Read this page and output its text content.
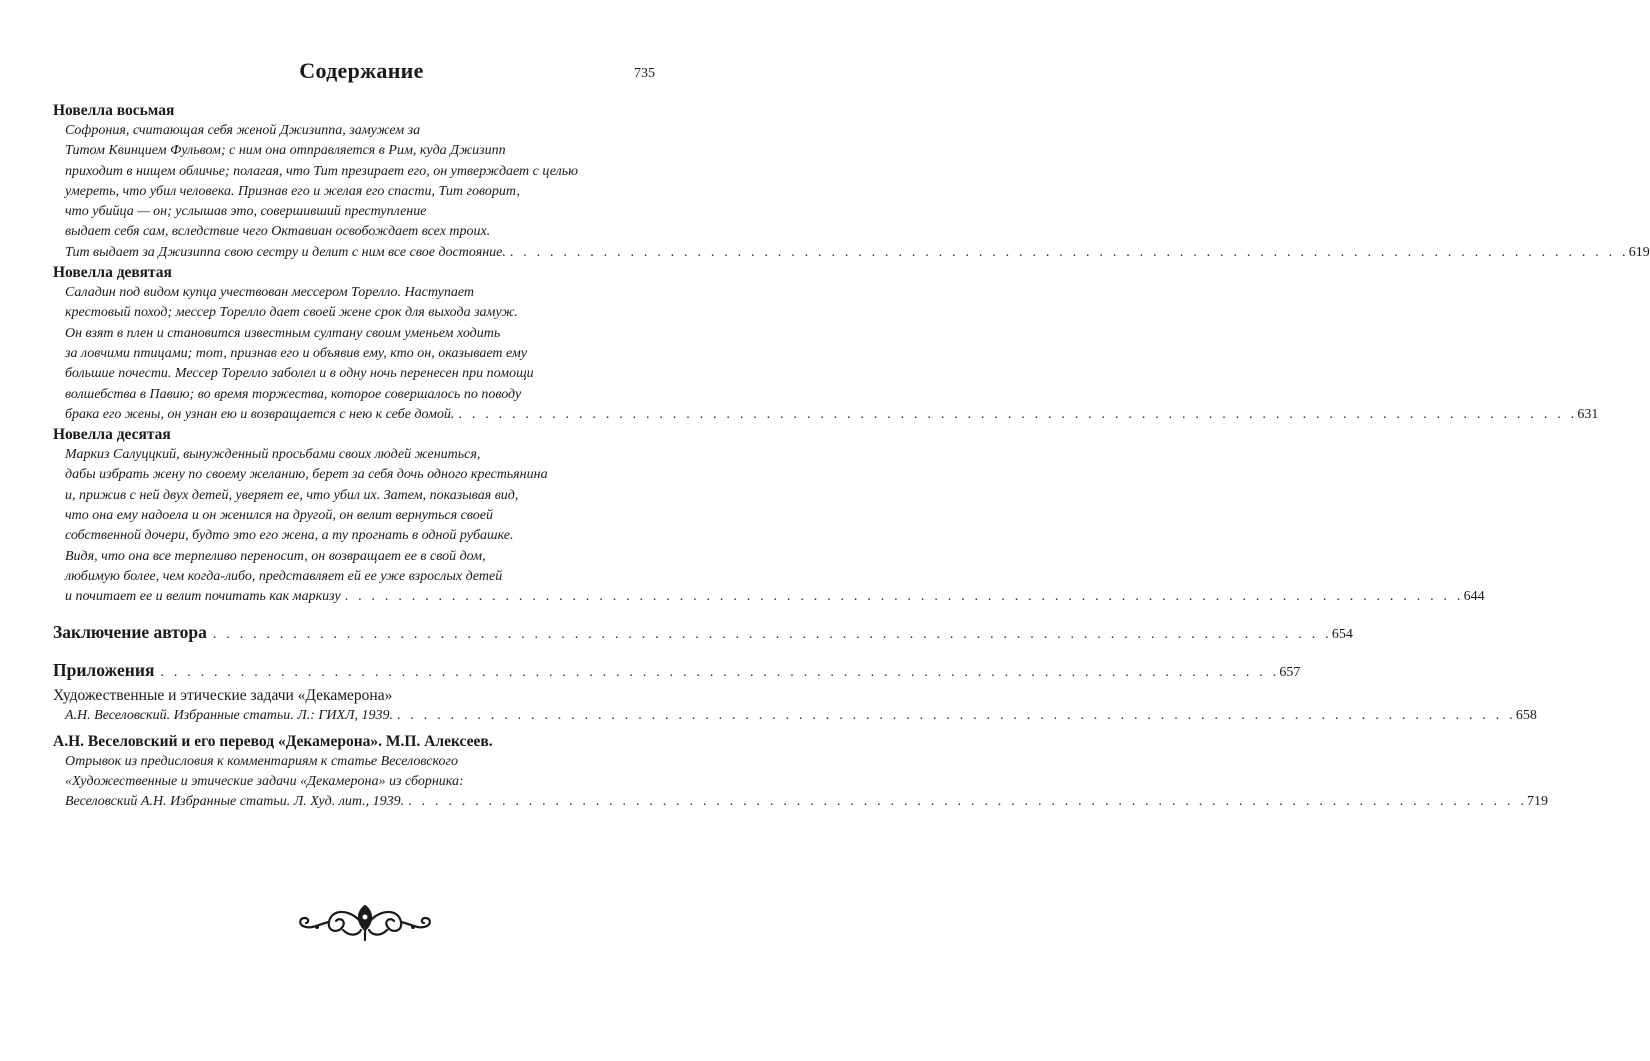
Содержание	735
Новелла восьмая
Софрония, считающая себя женой Джизиппа, замужем за
Титом Квинцием Фульвом; с ним она отправляется в Рим, куда Джизипп
приходит в нищем обличье; полагая, что Тит презирает его, он утверждает с целью
умереть, что убил человека. Признав его и желая его спасти, Тит говорит,
что убийца — он; услышав это, совершивший преступление
выдает себя сам, вследствие чего Октавиан освобождает всех троих.
Тит выдает за Джизиппа свою сестру и делит с ним все свое достояние. . . . . . . . . . . . . . . . . . . . . . . . . . . . . . . . . . . . . . . . . . . . . . . . . . . . . . . . . . . . . . . . . . . . . . . . . . . . . . . . . . . . . 619
Новелла девятая
Саладин под видом купца учествован мессером Торелло. Наступает
крестовый поход; мессер Торелло дает своей жене срок для выхода замуж.
Он взят в плен и становится известным султану своим уменьем ходить
за ловчими птицами; тот, признав его и объявив ему, кто он, оказывает ему
большие почести. Мессер Торелло заболел и в одну ночь перенесен при помощи
волшебства в Павию; во время торжества, которое совершалось по поводу
брака его жены, он узнан ею и возвращается с нею к себе домой. . . . . . . . . . . . . . . . . . . . . . . . . . . . . . . . . . . . . . . . . . . . . . . . . . . . . . . . . . . . . . . . . . . . . . . . . . . . . . . . . . . . . 631
Новелла десятая
Маркиз Салуццкий, вынужденный просьбами своих людей жениться,
дабы избрать жену по своему желанию, берет за себя дочь одного крестьянина
и, прижив с ней двух детей, уверяет ее, что убил их. Затем, показывая вид,
что она ему надоела и он женился на другой, он велит вернуться своей
собственной дочери, будто это его жена, а ту прогнать в одной рубашке.
Видя, что она все терпеливо переносит, он возвращает ее в свой дом,
любимую более, чем когда-либо, представляет ей ее уже взрослых детей
и почитает ее и велит почитать как маркизу . . . . . . . . . . . . . . . . . . . . . . . . . . . . . . . . . . . . . . . . . . . . . . . . . . . . . . . . . . . . . . . . . . . . . . . . . . . . . . . . . . . . 644
Заключение автора . . . . . . . . . . . . . . . . . . . . . . . . . . . . . . . . . . . . . . . . . . . . . . . . . . . . . . . . . . . . . . . . . . . . . . . . . . . . . . . . . . . . 654
Приложения . . . . . . . . . . . . . . . . . . . . . . . . . . . . . . . . . . . . . . . . . . . . . . . . . . . . . . . . . . . . . . . . . . . . . . . . . . . . . . . . . . . . 657
Художественные и этические задачи «Декамерона»
А.Н. Веселовский. Избранные статьи. Л.: ГИХЛ, 1939. . . . . . . . . . . . . . . . . . . . . . . . . . . . . . . . . . . . . . . . . . . . . . . . . . . . . . . . . . . . . . . . . . . . . . . . . . . . . . . . . . . . . 658
А.Н. Веселовский и его перевод «Декамерона». М.П. Алексеев.
Отрывок из предисловия к комментариям к статье Веселовского
«Художественные и этические задачи «Декамерона» из сборника:
Веселовский А.Н. Избранные статьи. Л. Худ. лит., 1939. . . . . . . . . . . . . . . . . . . . . . . . . . . . . . . . . . . . . . . . . . . . . . . . . . . . . . . . . . . . . . . . . . . . . . . . . . . . . . . . . . . . . 719
